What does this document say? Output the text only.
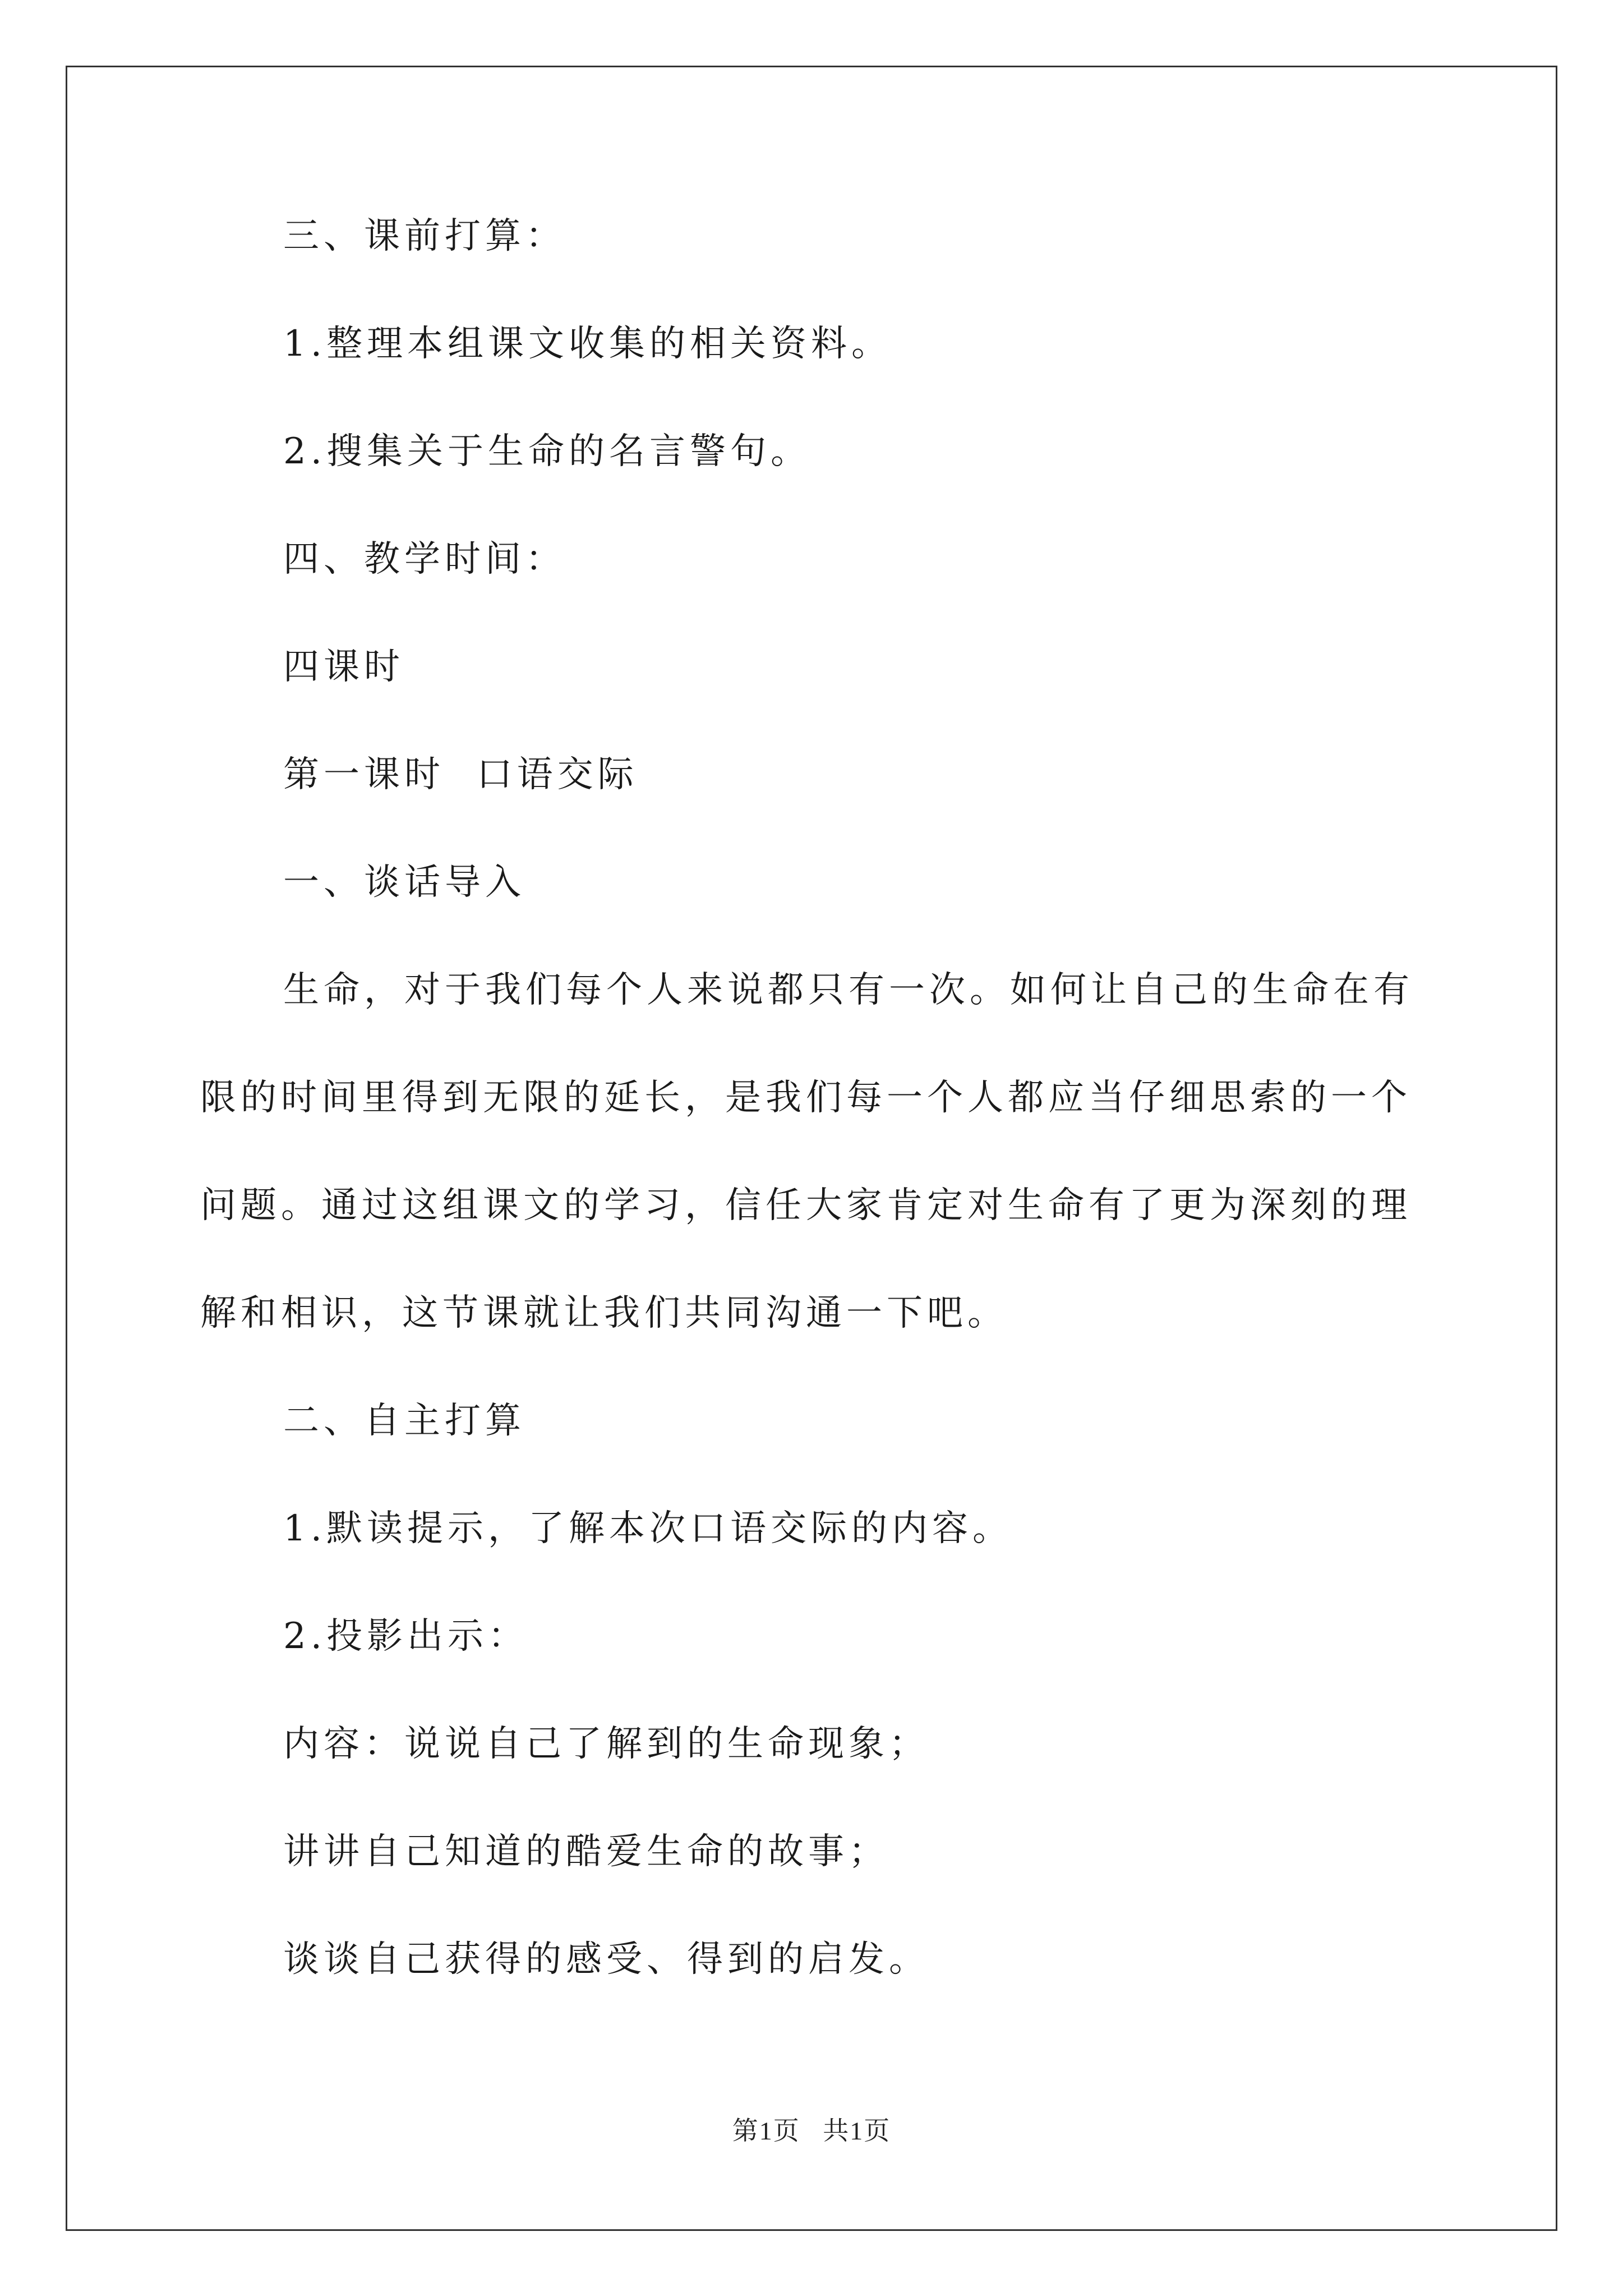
三、课前打算：

1.整理本组课文收集的相关资料。

2.搜集关于生命的名言警句。

四、教学时间：

四课时

第一课时  口语交际

一、谈话导入

生命，对于我们每个人来说都只有一次。如何让自己的生命在有
限的时间里得到无限的延长，是我们每一个人都应当仔细思索的一个
问题。通过这组课文的学习，信任大家肯定对生命有了更为深刻的理
解和相识，这节课就让我们共同沟通一下吧。

二、自主打算

1.默读提示，了解本次口语交际的内容。

2.投影出示：

内容：说说自己了解到的生命现象；

讲讲自己知道的酷爱生命的故事；

谈谈自己获得的感受、得到的启发。

第1页   共1页
